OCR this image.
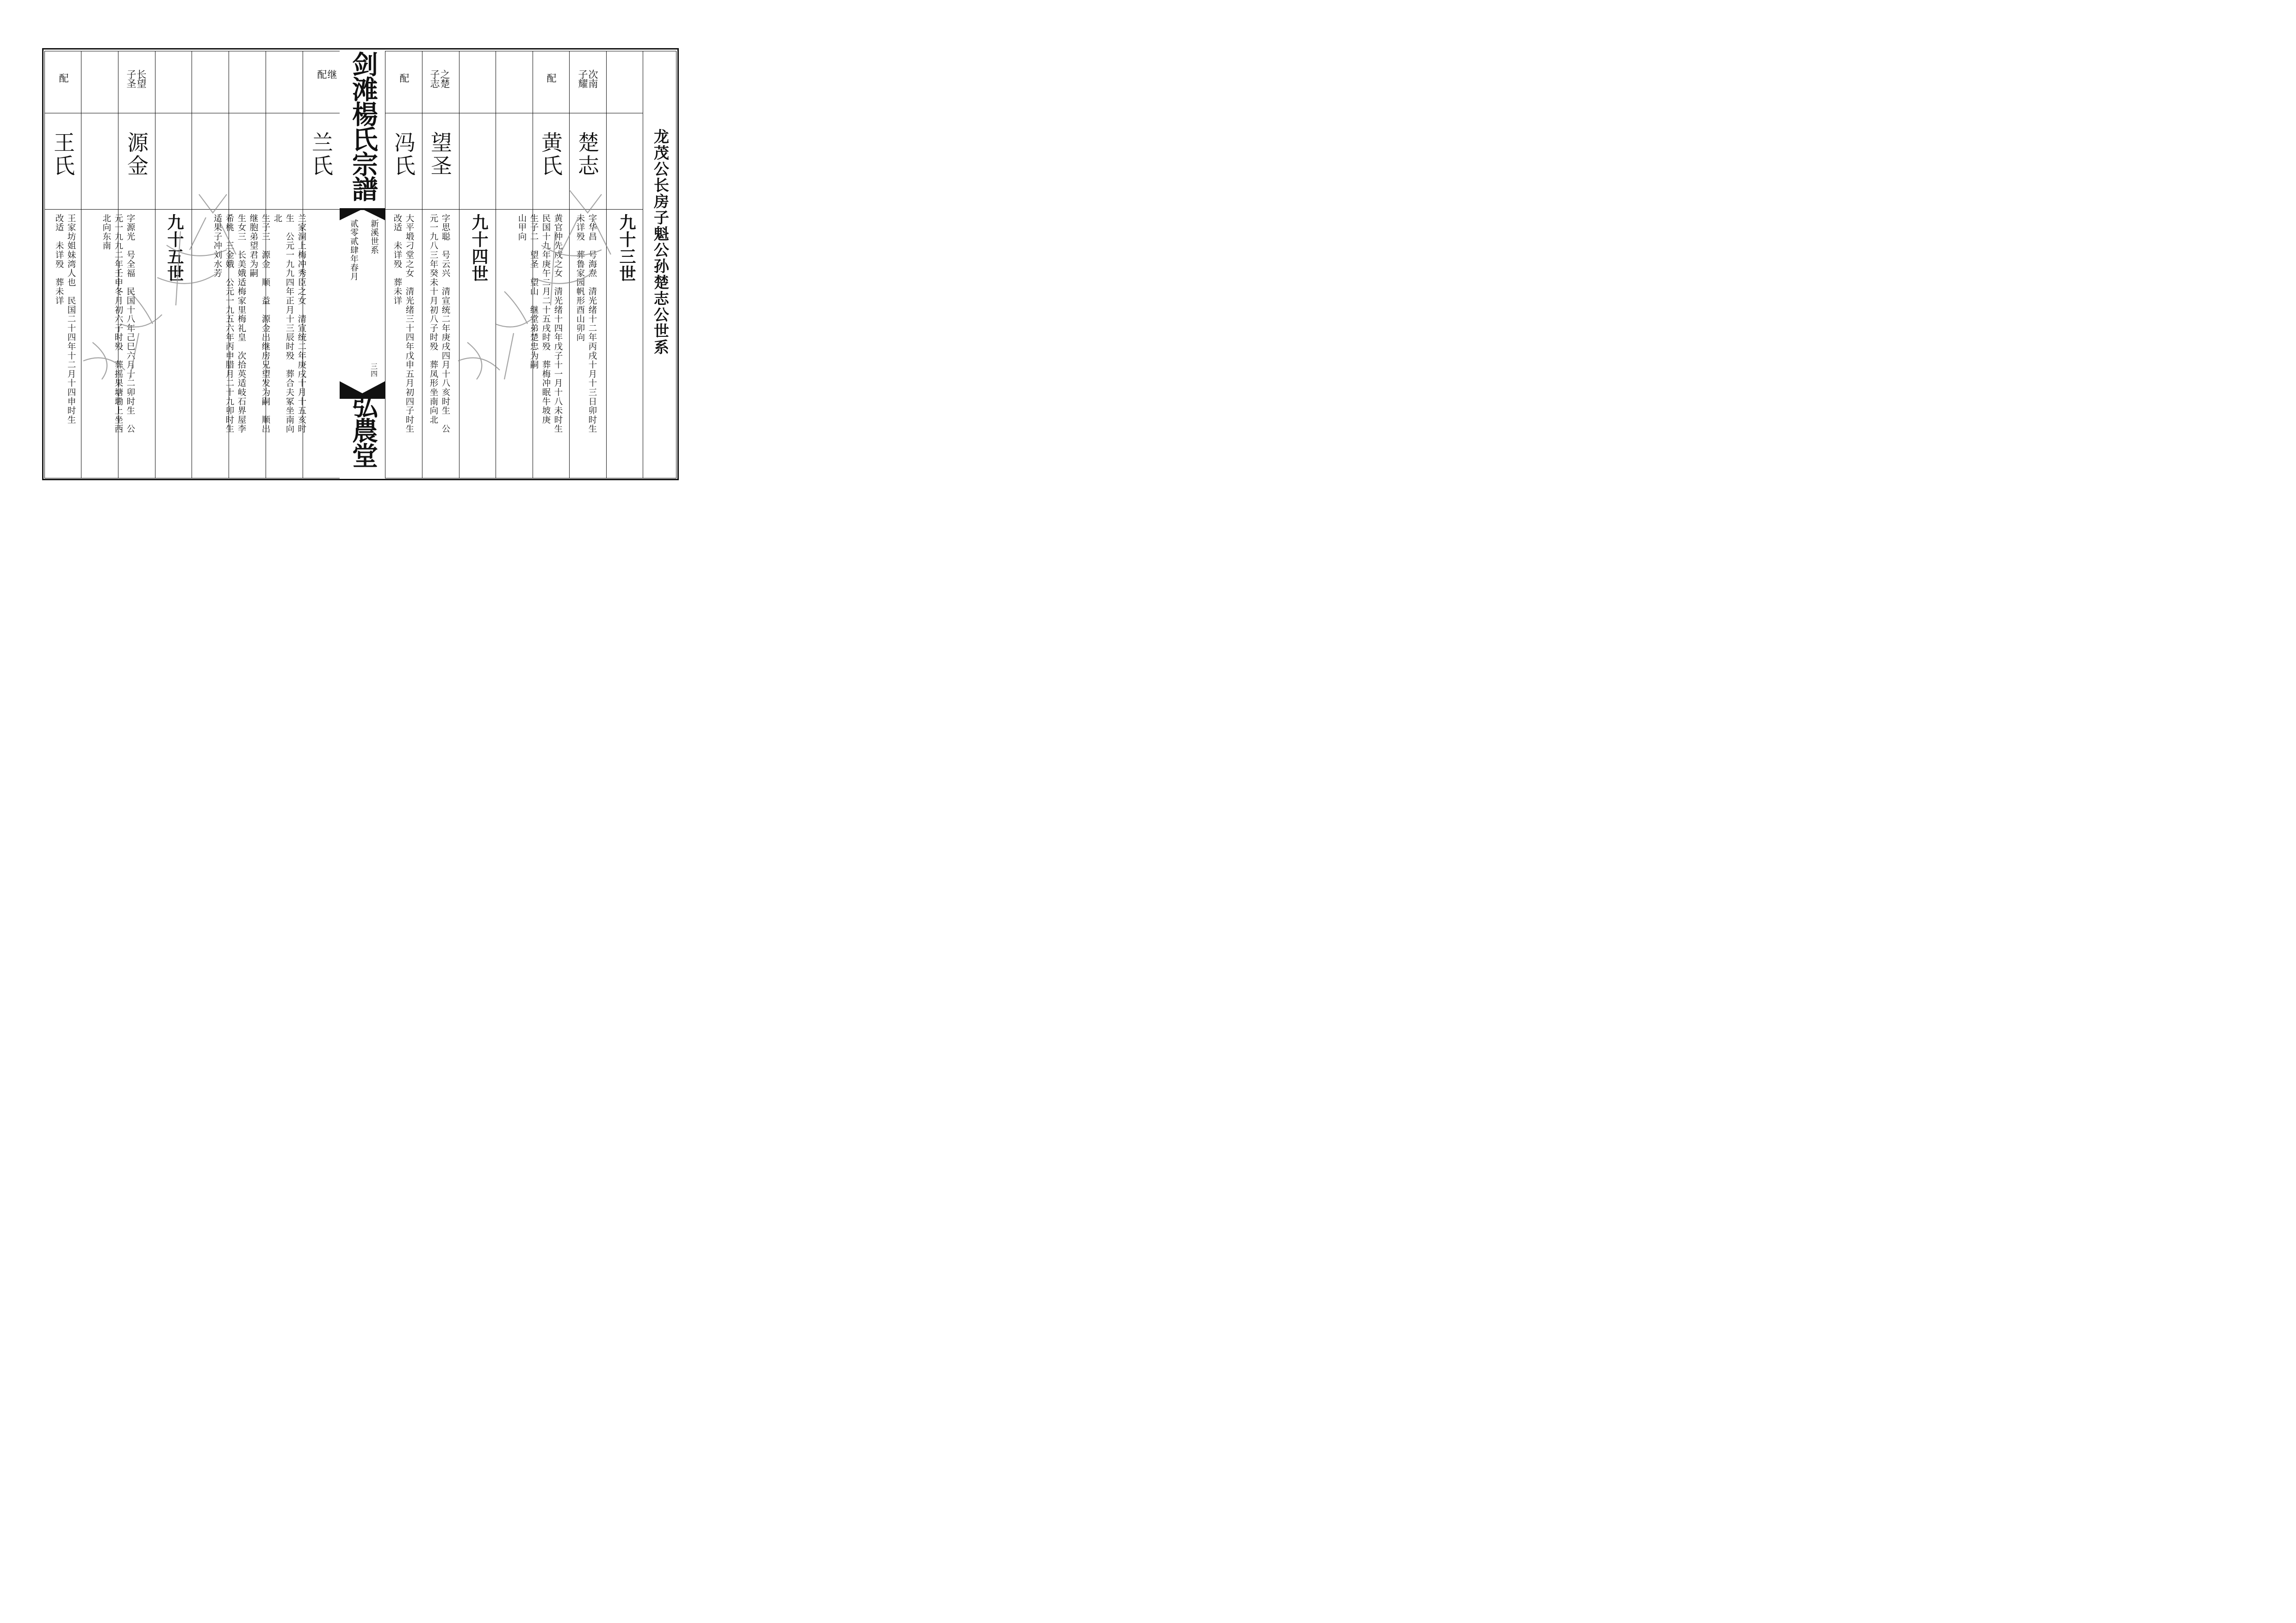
龙茂公长房子魁公孙楚志公世系
剑滩楊氏宗譜
新溪世系
贰零贰肆年春月
三四
弘農堂
九十三世
九十四世
九十五世
次南
子耀
楚志
字华昌　号海焘　清光绪十二年丙戌十月十三日卯时生
未详殁　葬鲁家园帆形酉山卯向
配
黄氏
黄官仲先戍之女　清光绪十四年戊子十一月十八未时生
民国十九年庚午二月二十五戌时殁　葬梅冲眠牛坡庚
生子二　望圣　望山　继堂弟楚忠为嗣
山甲向
之楚
子志
望圣
字思聪　号云兴　清宣统二年庚戌四月十八亥时生　公
元一九八三年癸未十月初八子时殁　葬凤形坐南向北
配
冯氏
大平塅刁堂之女　清光绪三十四年戊申五月初四子时生
改适　未详殁　葬未详
继
配
兰氏
兰家洞上梅冲秀臣之女　清宣统二年庚戌十月十五亥时
生　公元一九九四年正月十三辰时殁　葬合夫冢坐南向
北
生子三　源金　顺　益　源金出继房兄望发为嗣　顺出
继胞弟望君为嗣
生女三　长美娥适梅家里梅礼皇　次拾英适岐石界屋李
希桃　三金娥　公元一九五六年丙申腊月二十九卯时生
适果子冲刘水芳
长望
子圣
源金
字源光　号全福　民国十八年己巳六月十二卯时生　公
元一九九二年壬申冬月初六子时殁　葬摇果塘墈上坐西
北向东南
配
王氏
王家坊姐妹湾人也　民国二十四年十二月十四申时生
改适　未详殁　葬未详
